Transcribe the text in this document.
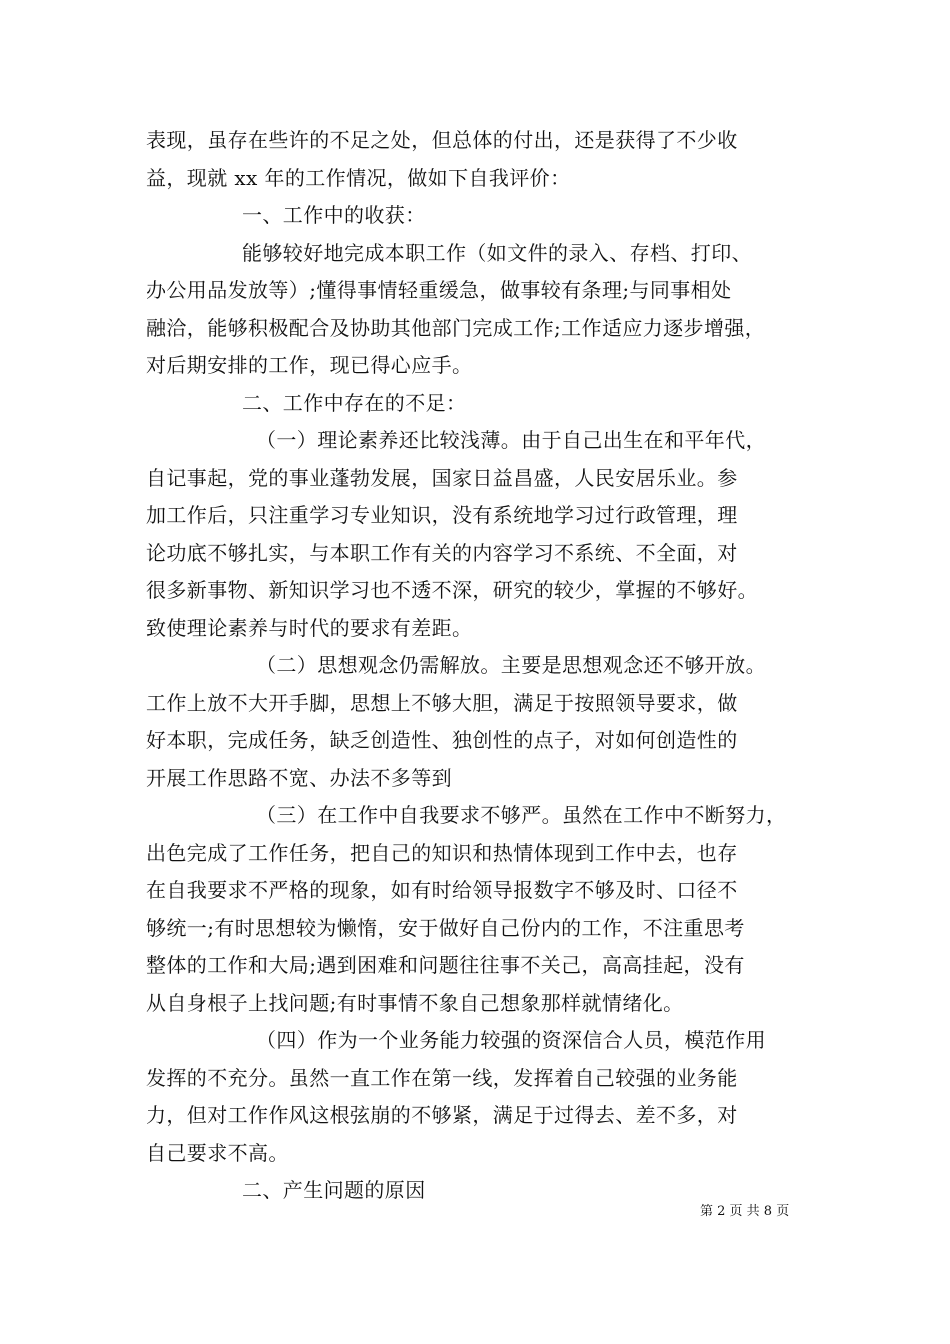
表现，虽存在些许的不足之处，但总体的付出，还是获得了不少收
益，现就 xx 年的工作情况，做如下自我评价：
一、工作中的收获：
能够较好地完成本职工作（如文件的录入、存档、打印、
办公用品发放等）;懂得事情轻重缓急，做事较有条理;与同事相处
融洽，能够积极配合及协助其他部门完成工作;工作适应力逐步增强，
对后期安排的工作，现已得心应手。
二、工作中存在的不足：
（一）理论素养还比较浅薄。由于自己出生在和平年代，
自记事起，党的事业蓬勃发展，国家日益昌盛，人民安居乐业。参
加工作后，只注重学习专业知识，没有系统地学习过行政管理，理
论功底不够扎实，与本职工作有关的内容学习不系统、不全面，对
很多新事物、新知识学习也不透不深，研究的较少，掌握的不够好。
致使理论素养与时代的要求有差距。
（二）思想观念仍需解放。主要是思想观念还不够开放。
工作上放不大开手脚，思想上不够大胆，满足于按照领导要求，做
好本职，完成任务，缺乏创造性、独创性的点子，对如何创造性的
开展工作思路不宽、办法不多等到
（三）在工作中自我要求不够严。虽然在工作中不断努力，
出色完成了工作任务，把自己的知识和热情体现到工作中去，也存
在自我要求不严格的现象，如有时给领导报数字不够及时、口径不
够统一;有时思想较为懒惰，安于做好自己份内的工作，不注重思考
整体的工作和大局;遇到困难和问题往往事不关己，高高挂起，没有
从自身根子上找问题;有时事情不象自己想象那样就情绪化。
（四）作为一个业务能力较强的资深信合人员，模范作用
发挥的不充分。虽然一直工作在第一线，发挥着自己较强的业务能
力，但对工作作风这根弦崩的不够紧，满足于过得去、差不多，对
自己要求不高。
二、产生问题的原因
第 2 页 共 8 页
